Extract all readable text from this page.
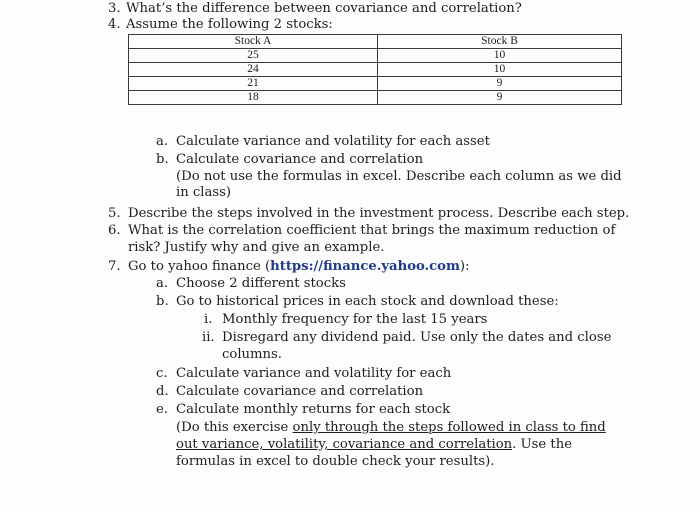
3. What’s the difference between covariance and correlation?
4. Assume the following 2 stocks:
Stock A	Stock B
25	10
24	10
21	9
18	9
a. Calculate variance and volatility for each asset
b. Calculate covariance and correlation
(Do not use the formulas in excel. Describe each column as we did
in class)
5. Describe the steps involved in the investment process. Describe each step.
6. What is the correlation coefficient that brings the maximum reduction of
risk? Justify why and give an example.
7. Go to yahoo finance (https://finance.yahoo.com):
a. Choose 2 different stocks
b. Go to historical prices in each stock and download these:
i. Monthly frequency for the last 15 years
ii. Disregard any dividend paid. Use only the dates and close
columns.
c. Calculate variance and volatility for each
d. Calculate covariance and correlation
e. Calculate monthly returns for each stock
(Do this exercise only through the steps followed in class to find
out variance, volatility, covariance and correlation. Use the
formulas in excel to double check your results).
